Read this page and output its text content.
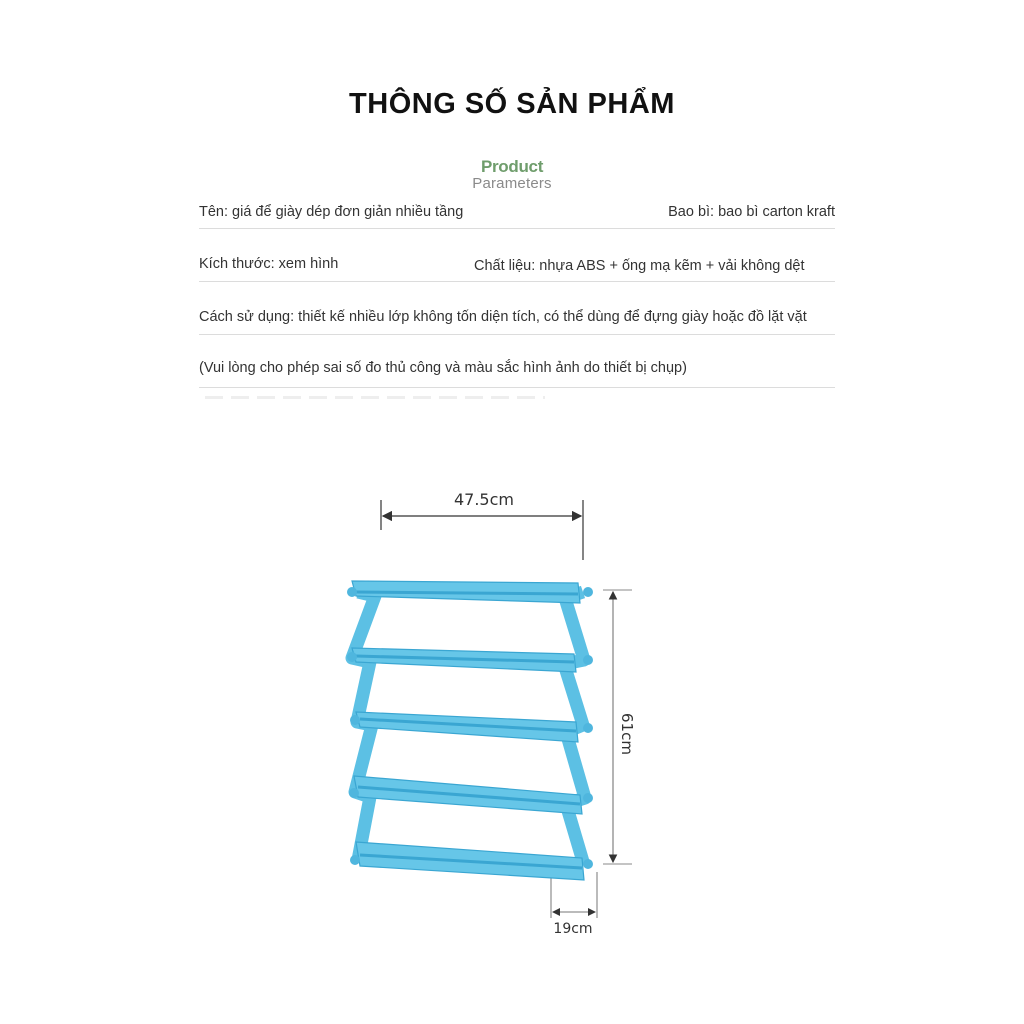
THÔNG SỐ SẢN PHẨM
Product
Parameters
Tên: giá để giày dép đơn giản nhiều tầng	Bao bì: bao bì carton kraft
Kích thước: xem hình	Chất liệu: nhựa ABS + ống mạ kẽm + vải không dệt
Cách sử dụng: thiết kế nhiều lớp không tốn diện tích, có thể dùng để đựng giày hoặc đồ lặt vặt
(Vui lòng cho phép sai số đo thủ công và màu sắc hình ảnh do thiết bị chụp)
47.5cm
61cm
19cm
